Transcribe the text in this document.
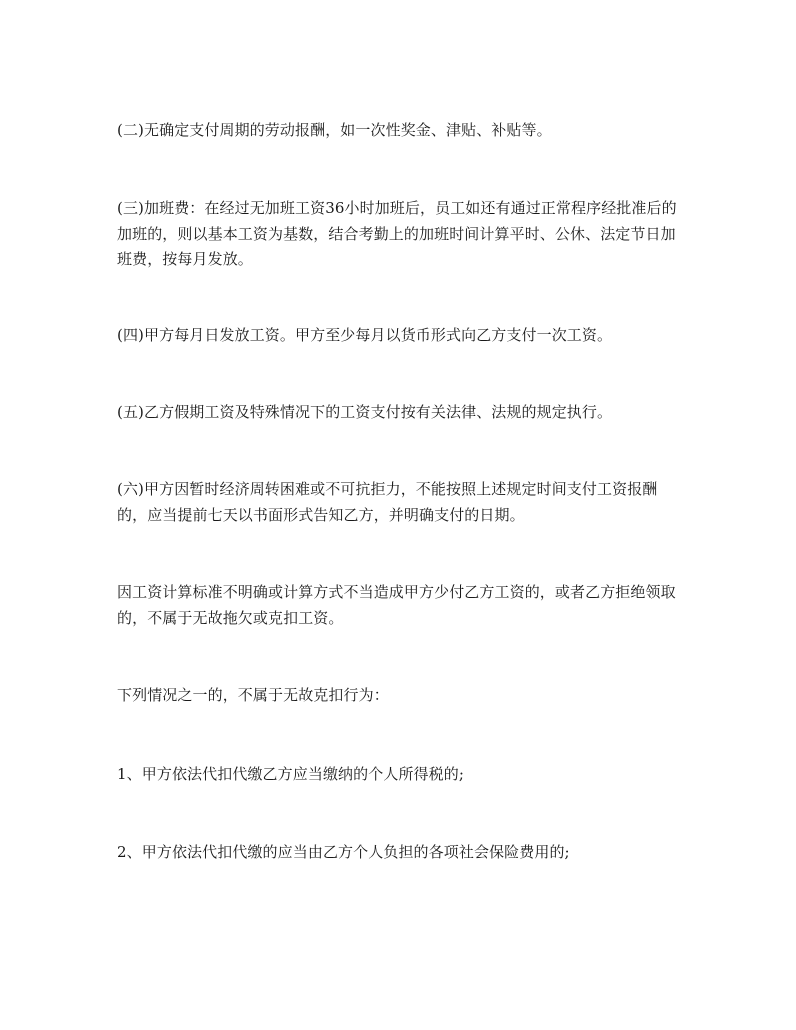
(二)无确定支付周期的劳动报酬，如一次性奖金、津贴、补贴等。

(三)加班费：在经过无加班工资36小时加班后，员工如还有通过正常程序经批准后的加班的，则以基本工资为基数，结合考勤上的加班时间计算平时、公休、法定节日加班费，按每月发放。

(四)甲方每月日发放工资。甲方至少每月以货币形式向乙方支付一次工资。

(五)乙方假期工资及特殊情况下的工资支付按有关法律、法规的规定执行。

(六)甲方因暂时经济周转困难或不可抗拒力，不能按照上述规定时间支付工资报酬的，应当提前七天以书面形式告知乙方，并明确支付的日期。

因工资计算标准不明确或计算方式不当造成甲方少付乙方工资的，或者乙方拒绝领取的，不属于无故拖欠或克扣工资。

下列情况之一的，不属于无故克扣行为：

1、甲方依法代扣代缴乙方应当缴纳的个人所得税的;

2、甲方依法代扣代缴的应当由乙方个人负担的各项社会保险费用的;
